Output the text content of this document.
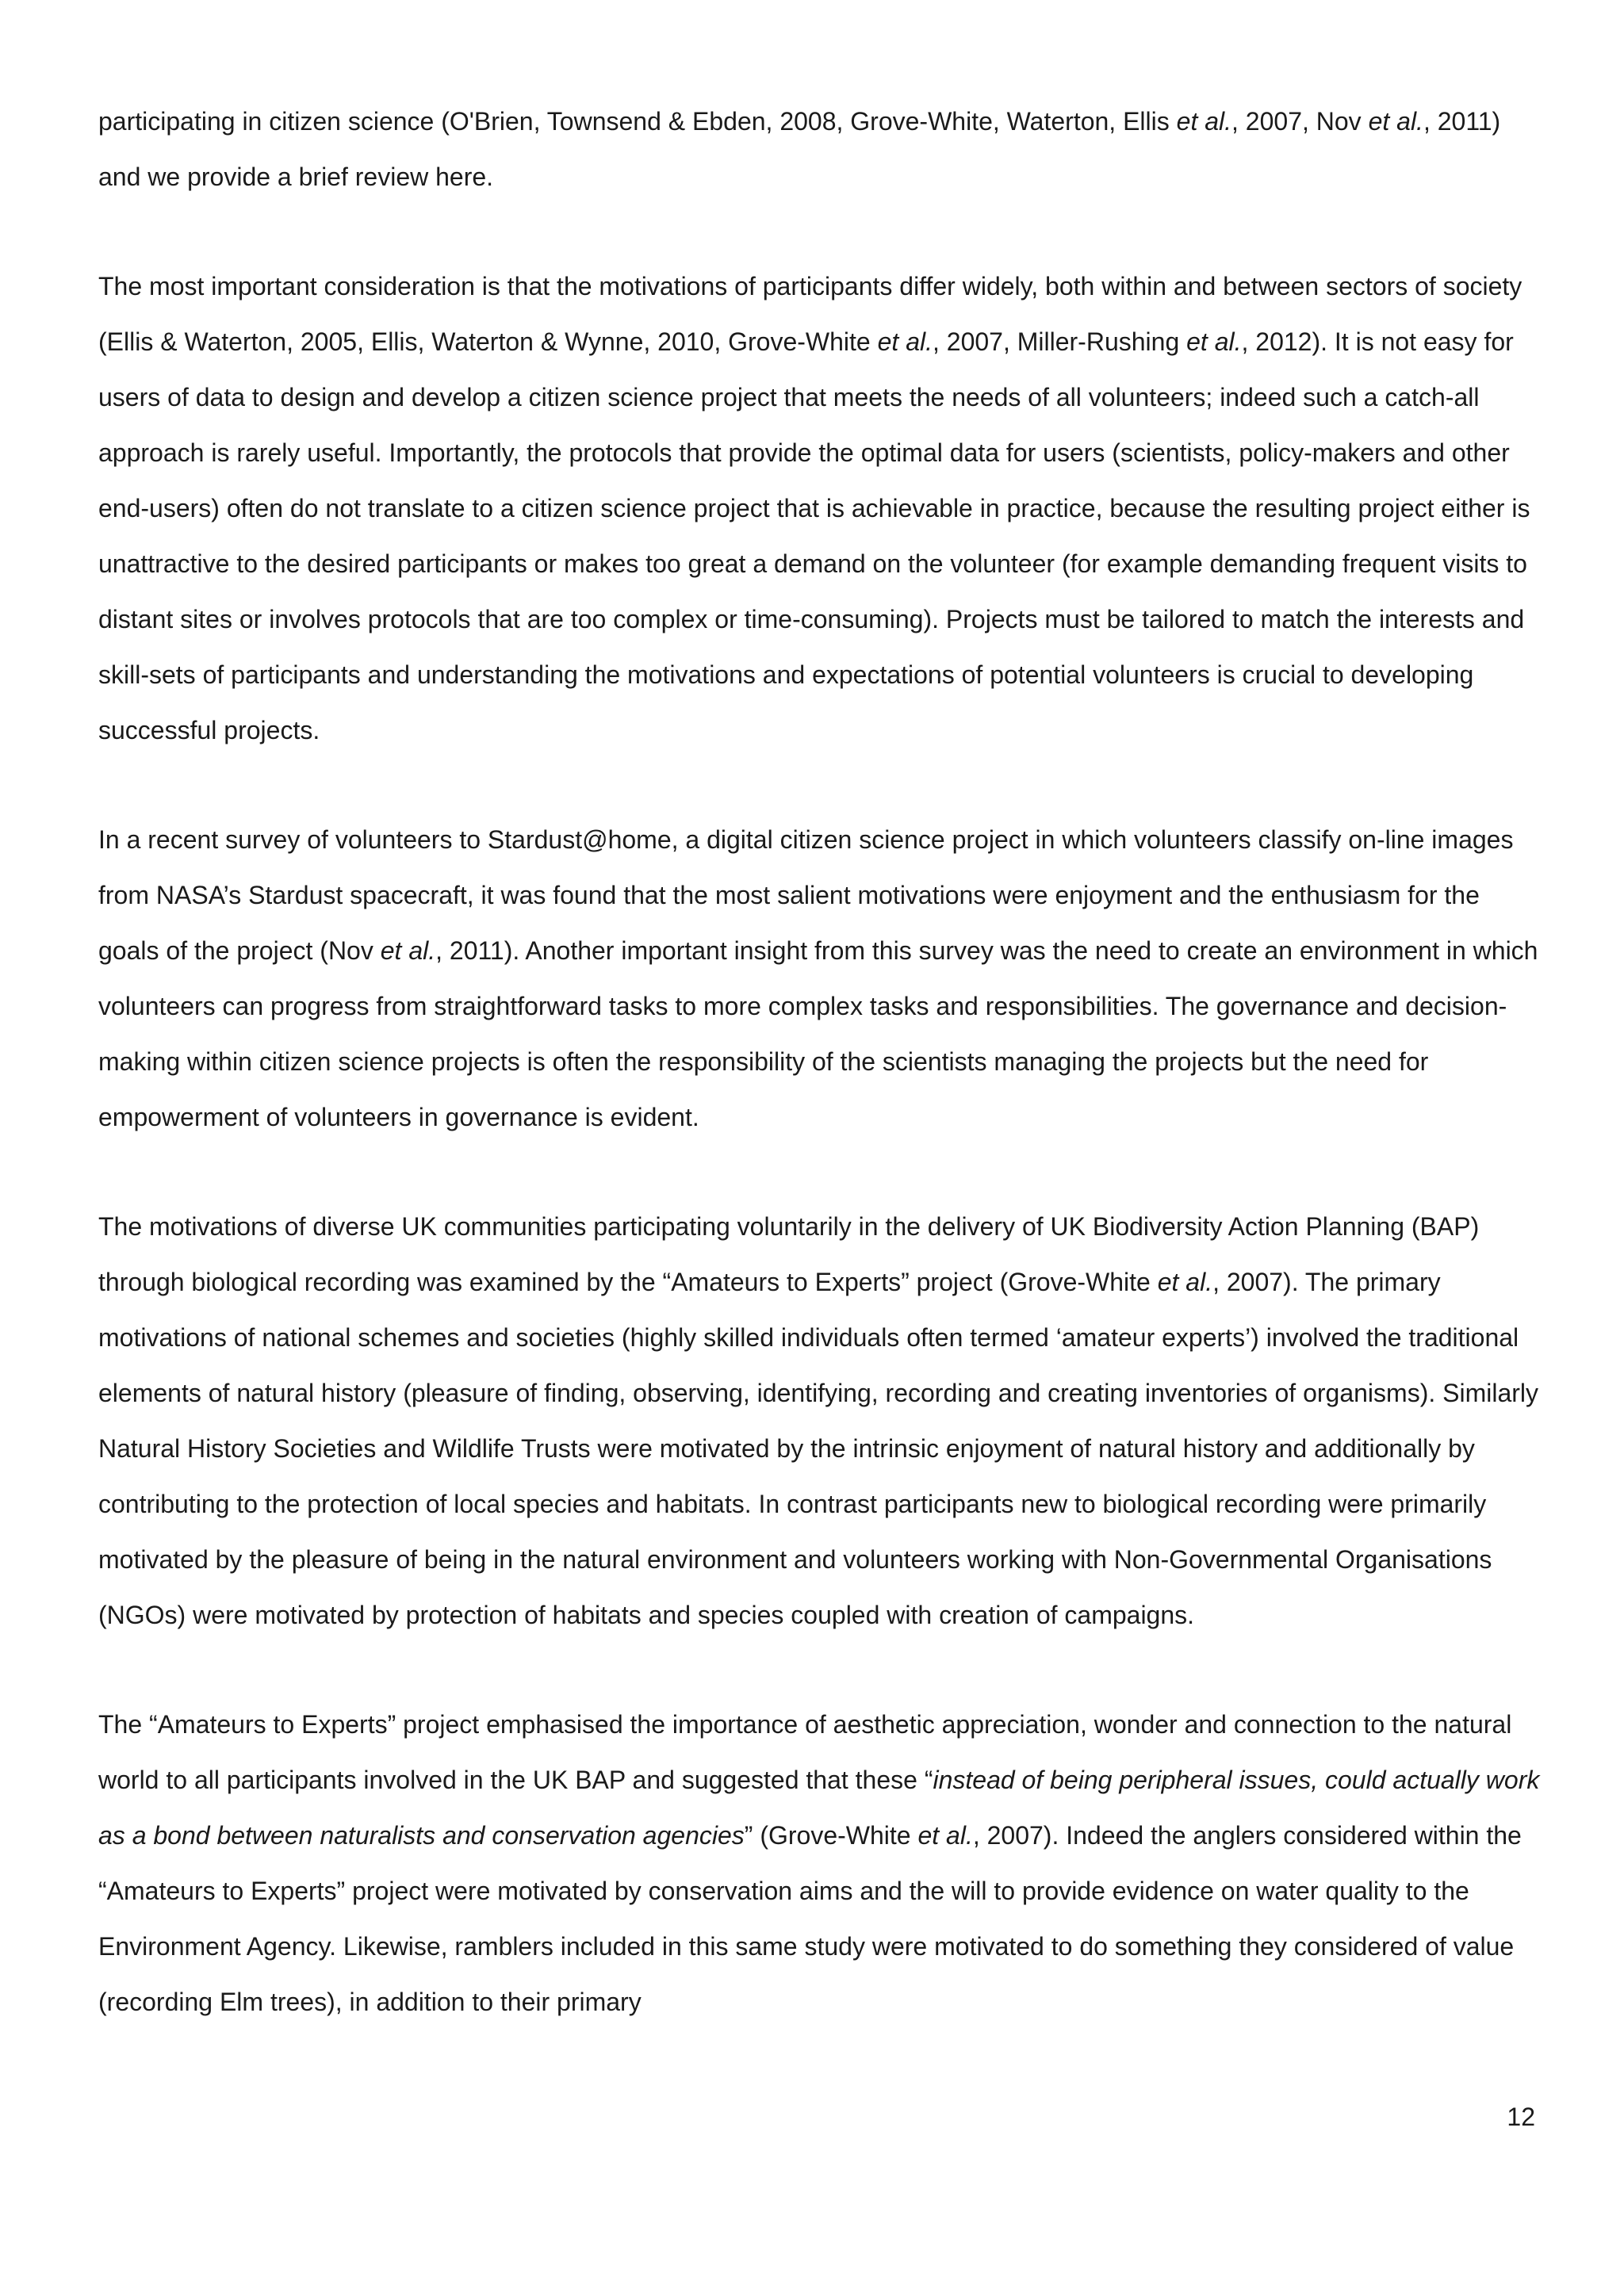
participating in citizen science (O'Brien, Townsend & Ebden, 2008, Grove-White, Waterton, Ellis et al., 2007, Nov et al., 2011) and we provide a brief review here.

The most important consideration is that the motivations of participants differ widely, both within and between sectors of society (Ellis & Waterton, 2005, Ellis, Waterton & Wynne, 2010, Grove-White et al., 2007, Miller-Rushing et al., 2012). It is not easy for users of data to design and develop a citizen science project that meets the needs of all volunteers; indeed such a catch-all approach is rarely useful. Importantly, the protocols that provide the optimal data for users (scientists, policy-makers and other end-users) often do not translate to a citizen science project that is achievable in practice, because the resulting project either is unattractive to the desired participants or makes too great a demand on the volunteer (for example demanding frequent visits to distant sites or involves protocols that are too complex or time-consuming). Projects must be tailored to match the interests and skill-sets of participants and understanding the motivations and expectations of potential volunteers is crucial to developing successful projects.

In a recent survey of volunteers to Stardust@home, a digital citizen science project in which volunteers classify on-line images from NASA’s Stardust spacecraft, it was found that the most salient motivations were enjoyment and the enthusiasm for the goals of the project (Nov et al., 2011). Another important insight from this survey was the need to create an environment in which volunteers can progress from straightforward tasks to more complex tasks and responsibilities. The governance and decision-making within citizen science projects is often the responsibility of the scientists managing the projects but the need for empowerment of volunteers in governance is evident.

The motivations of diverse UK communities participating voluntarily in the delivery of UK Biodiversity Action Planning (BAP) through biological recording was examined by the “Amateurs to Experts” project (Grove-White et al., 2007). The primary motivations of national schemes and societies (highly skilled individuals often termed ‘amateur experts’) involved the traditional elements of natural history (pleasure of finding, observing, identifying, recording and creating inventories of organisms). Similarly Natural History Societies and Wildlife Trusts were motivated by the intrinsic enjoyment of natural history and additionally by contributing to the protection of local species and habitats. In contrast participants new to biological recording were primarily motivated by the pleasure of being in the natural environment and volunteers working with Non-Governmental Organisations (NGOs) were motivated by protection of habitats and species coupled with creation of campaigns.

The “Amateurs to Experts” project emphasised the importance of aesthetic appreciation, wonder and connection to the natural world to all participants involved in the UK BAP and suggested that these “instead of being peripheral issues, could actually work as a bond between naturalists and conservation agencies” (Grove-White et al., 2007). Indeed the anglers considered within the “Amateurs to Experts” project were motivated by conservation aims and the will to provide evidence on water quality to the Environment Agency. Likewise, ramblers included in this same study were motivated to do something they considered of value (recording Elm trees), in addition to their primary

12
